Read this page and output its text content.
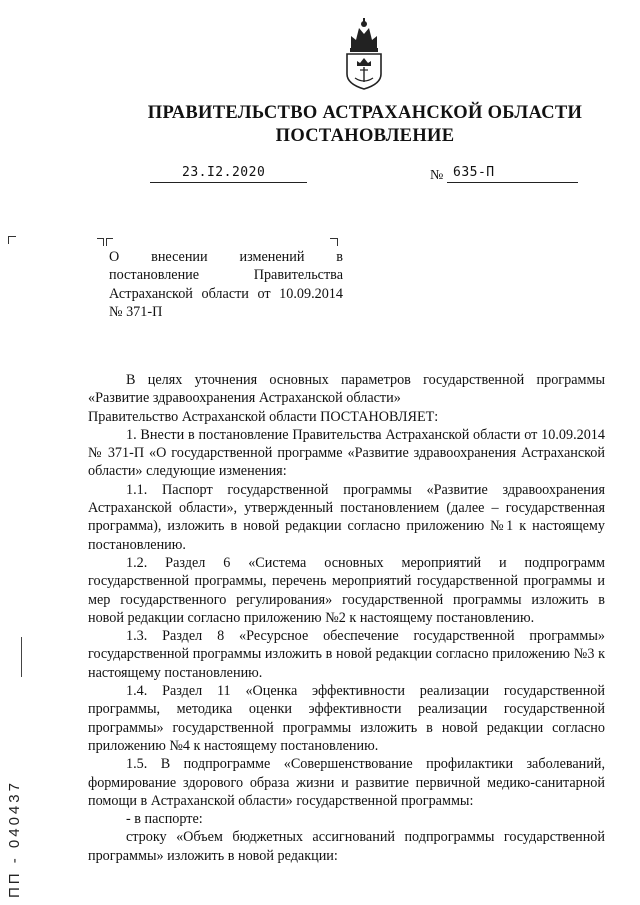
ПРАВИТЕЛЬСТВО АСТРАХАНСКОЙ ОБЛАСТИ
ПОСТАНОВЛЕНИЕ
23.I2.2020	№ 635-П
О внесении изменений в постановление Правительства Астраханской области от 10.09.2014 № 371-П

В целях уточнения основных параметров государственной программы «Развитие здравоохранения Астраханской области»

Правительство Астраханской области ПОСТАНОВЛЯЕТ:

1. Внести в постановление Правительства Астраханской области от 10.09.2014 № 371-П «О государственной программе «Развитие здравоохранения Астраханской области» следующие изменения:

1.1. Паспорт государственной программы «Развитие здравоохранения Астраханской области», утвержденный постановлением (далее – государственная программа), изложить в новой редакции согласно приложению №1 к настоящему постановлению.

1.2. Раздел 6 «Система основных мероприятий и подпрограмм государственной программы, перечень мероприятий государственной программы и мер государственного регулирования» государственной программы изложить в новой редакции согласно приложению №2 к настоящему постановлению.

1.3. Раздел 8 «Ресурсное обеспечение государственной программы» государственной программы изложить в новой редакции согласно приложению №3 к настоящему постановлению.

1.4. Раздел 11 «Оценка эффективности реализации государственной программы, методика оценки эффективности реализации государственной программы» государственной программы изложить в новой редакции согласно приложению №4 к настоящему постановлению.

1.5. В подпрограмме «Совершенствование профилактики заболеваний, формирование здорового образа жизни и развитие первичной медико-санитарной помощи в Астраханской области» государственной программы:

- в паспорте:

строку «Объем бюджетных ассигнований подпрограммы государственной программы» изложить в новой редакции:

ПП - 040437
